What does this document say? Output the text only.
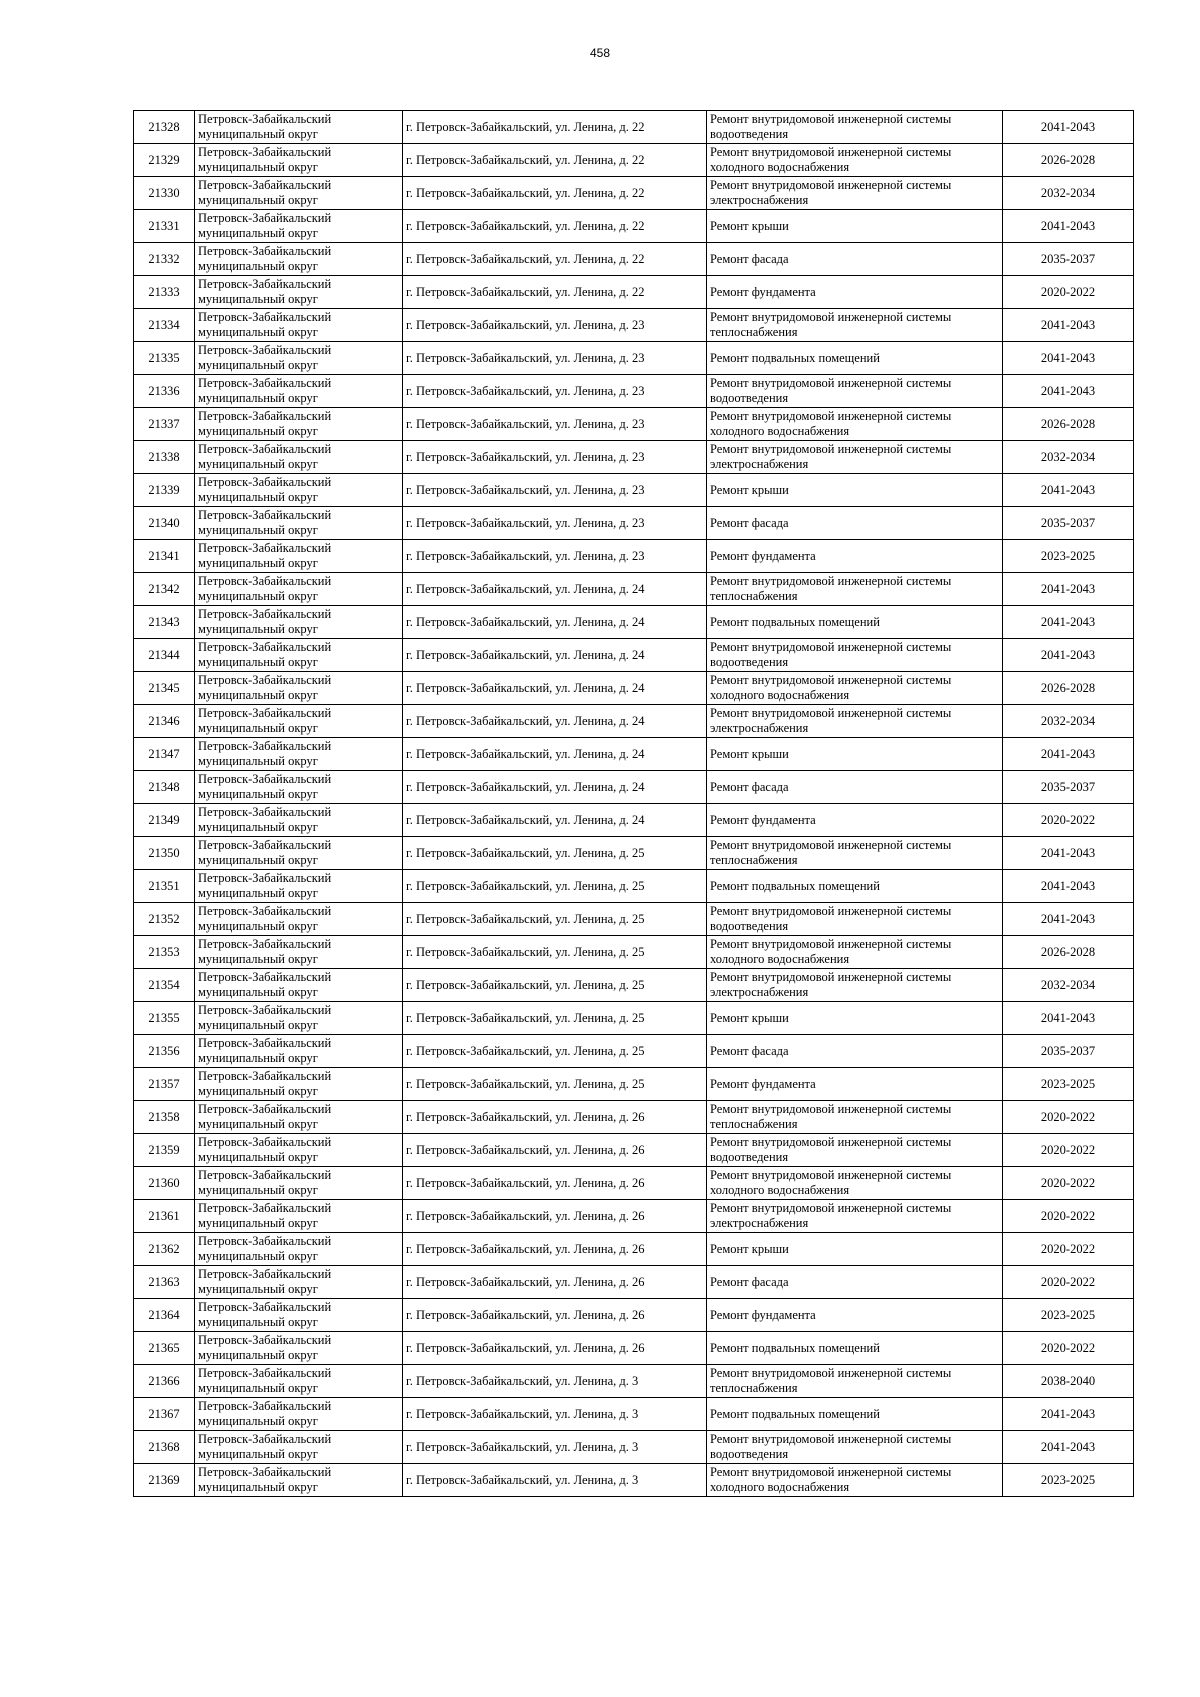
458
21328	Петровск-Забайкальский муниципальный округ	г. Петровск-Забайкальский, ул. Ленина, д. 22	Ремонт внутридомовой инженерной системы водоотведения	2041-2043
21329	Петровск-Забайкальский муниципальный округ	г. Петровск-Забайкальский, ул. Ленина, д. 22	Ремонт внутридомовой инженерной системы холодного водоснабжения	2026-2028
21330	Петровск-Забайкальский муниципальный округ	г. Петровск-Забайкальский, ул. Ленина, д. 22	Ремонт внутридомовой инженерной системы электроснабжения	2032-2034
21331	Петровск-Забайкальский муниципальный округ	г. Петровск-Забайкальский, ул. Ленина, д. 22	Ремонт крыши	2041-2043
21332	Петровск-Забайкальский муниципальный округ	г. Петровск-Забайкальский, ул. Ленина, д. 22	Ремонт фасада	2035-2037
21333	Петровск-Забайкальский муниципальный округ	г. Петровск-Забайкальский, ул. Ленина, д. 22	Ремонт фундамента	2020-2022
21334	Петровск-Забайкальский муниципальный округ	г. Петровск-Забайкальский, ул. Ленина, д. 23	Ремонт внутридомовой инженерной системы теплоснабжения	2041-2043
21335	Петровск-Забайкальский муниципальный округ	г. Петровск-Забайкальский, ул. Ленина, д. 23	Ремонт подвальных помещений	2041-2043
21336	Петровск-Забайкальский муниципальный округ	г. Петровск-Забайкальский, ул. Ленина, д. 23	Ремонт внутридомовой инженерной системы водоотведения	2041-2043
21337	Петровск-Забайкальский муниципальный округ	г. Петровск-Забайкальский, ул. Ленина, д. 23	Ремонт внутридомовой инженерной системы холодного водоснабжения	2026-2028
21338	Петровск-Забайкальский муниципальный округ	г. Петровск-Забайкальский, ул. Ленина, д. 23	Ремонт внутридомовой инженерной системы электроснабжения	2032-2034
21339	Петровск-Забайкальский муниципальный округ	г. Петровск-Забайкальский, ул. Ленина, д. 23	Ремонт крыши	2041-2043
21340	Петровск-Забайкальский муниципальный округ	г. Петровск-Забайкальский, ул. Ленина, д. 23	Ремонт фасада	2035-2037
21341	Петровск-Забайкальский муниципальный округ	г. Петровск-Забайкальский, ул. Ленина, д. 23	Ремонт фундамента	2023-2025
21342	Петровск-Забайкальский муниципальный округ	г. Петровск-Забайкальский, ул. Ленина, д. 24	Ремонт внутридомовой инженерной системы теплоснабжения	2041-2043
21343	Петровск-Забайкальский муниципальный округ	г. Петровск-Забайкальский, ул. Ленина, д. 24	Ремонт подвальных помещений	2041-2043
21344	Петровск-Забайкальский муниципальный округ	г. Петровск-Забайкальский, ул. Ленина, д. 24	Ремонт внутридомовой инженерной системы водоотведения	2041-2043
21345	Петровск-Забайкальский муниципальный округ	г. Петровск-Забайкальский, ул. Ленина, д. 24	Ремонт внутридомовой инженерной системы холодного водоснабжения	2026-2028
21346	Петровск-Забайкальский муниципальный округ	г. Петровск-Забайкальский, ул. Ленина, д. 24	Ремонт внутридомовой инженерной системы электроснабжения	2032-2034
21347	Петровск-Забайкальский муниципальный округ	г. Петровск-Забайкальский, ул. Ленина, д. 24	Ремонт крыши	2041-2043
21348	Петровск-Забайкальский муниципальный округ	г. Петровск-Забайкальский, ул. Ленина, д. 24	Ремонт фасада	2035-2037
21349	Петровск-Забайкальский муниципальный округ	г. Петровск-Забайкальский, ул. Ленина, д. 24	Ремонт фундамента	2020-2022
21350	Петровск-Забайкальский муниципальный округ	г. Петровск-Забайкальский, ул. Ленина, д. 25	Ремонт внутридомовой инженерной системы теплоснабжения	2041-2043
21351	Петровск-Забайкальский муниципальный округ	г. Петровск-Забайкальский, ул. Ленина, д. 25	Ремонт подвальных помещений	2041-2043
21352	Петровск-Забайкальский муниципальный округ	г. Петровск-Забайкальский, ул. Ленина, д. 25	Ремонт внутридомовой инженерной системы водоотведения	2041-2043
21353	Петровск-Забайкальский муниципальный округ	г. Петровск-Забайкальский, ул. Ленина, д. 25	Ремонт внутридомовой инженерной системы холодного водоснабжения	2026-2028
21354	Петровск-Забайкальский муниципальный округ	г. Петровск-Забайкальский, ул. Ленина, д. 25	Ремонт внутридомовой инженерной системы электроснабжения	2032-2034
21355	Петровск-Забайкальский муниципальный округ	г. Петровск-Забайкальский, ул. Ленина, д. 25	Ремонт крыши	2041-2043
21356	Петровск-Забайкальский муниципальный округ	г. Петровск-Забайкальский, ул. Ленина, д. 25	Ремонт фасада	2035-2037
21357	Петровск-Забайкальский муниципальный округ	г. Петровск-Забайкальский, ул. Ленина, д. 25	Ремонт фундамента	2023-2025
21358	Петровск-Забайкальский муниципальный округ	г. Петровск-Забайкальский, ул. Ленина, д. 26	Ремонт внутридомовой инженерной системы теплоснабжения	2020-2022
21359	Петровск-Забайкальский муниципальный округ	г. Петровск-Забайкальский, ул. Ленина, д. 26	Ремонт внутридомовой инженерной системы водоотведения	2020-2022
21360	Петровск-Забайкальский муниципальный округ	г. Петровск-Забайкальский, ул. Ленина, д. 26	Ремонт внутридомовой инженерной системы холодного водоснабжения	2020-2022
21361	Петровск-Забайкальский муниципальный округ	г. Петровск-Забайкальский, ул. Ленина, д. 26	Ремонт внутридомовой инженерной системы электроснабжения	2020-2022
21362	Петровск-Забайкальский муниципальный округ	г. Петровск-Забайкальский, ул. Ленина, д. 26	Ремонт крыши	2020-2022
21363	Петровск-Забайкальский муниципальный округ	г. Петровск-Забайкальский, ул. Ленина, д. 26	Ремонт фасада	2020-2022
21364	Петровск-Забайкальский муниципальный округ	г. Петровск-Забайкальский, ул. Ленина, д. 26	Ремонт фундамента	2023-2025
21365	Петровск-Забайкальский муниципальный округ	г. Петровск-Забайкальский, ул. Ленина, д. 26	Ремонт подвальных помещений	2020-2022
21366	Петровск-Забайкальский муниципальный округ	г. Петровск-Забайкальский, ул. Ленина, д. 3	Ремонт внутридомовой инженерной системы теплоснабжения	2038-2040
21367	Петровск-Забайкальский муниципальный округ	г. Петровск-Забайкальский, ул. Ленина, д. 3	Ремонт подвальных помещений	2041-2043
21368	Петровск-Забайкальский муниципальный округ	г. Петровск-Забайкальский, ул. Ленина, д. 3	Ремонт внутридомовой инженерной системы водоотведения	2041-2043
21369	Петровск-Забайкальский муниципальный округ	г. Петровск-Забайкальский, ул. Ленина, д. 3	Ремонт внутридомовой инженерной системы холодного водоснабжения	2023-2025
